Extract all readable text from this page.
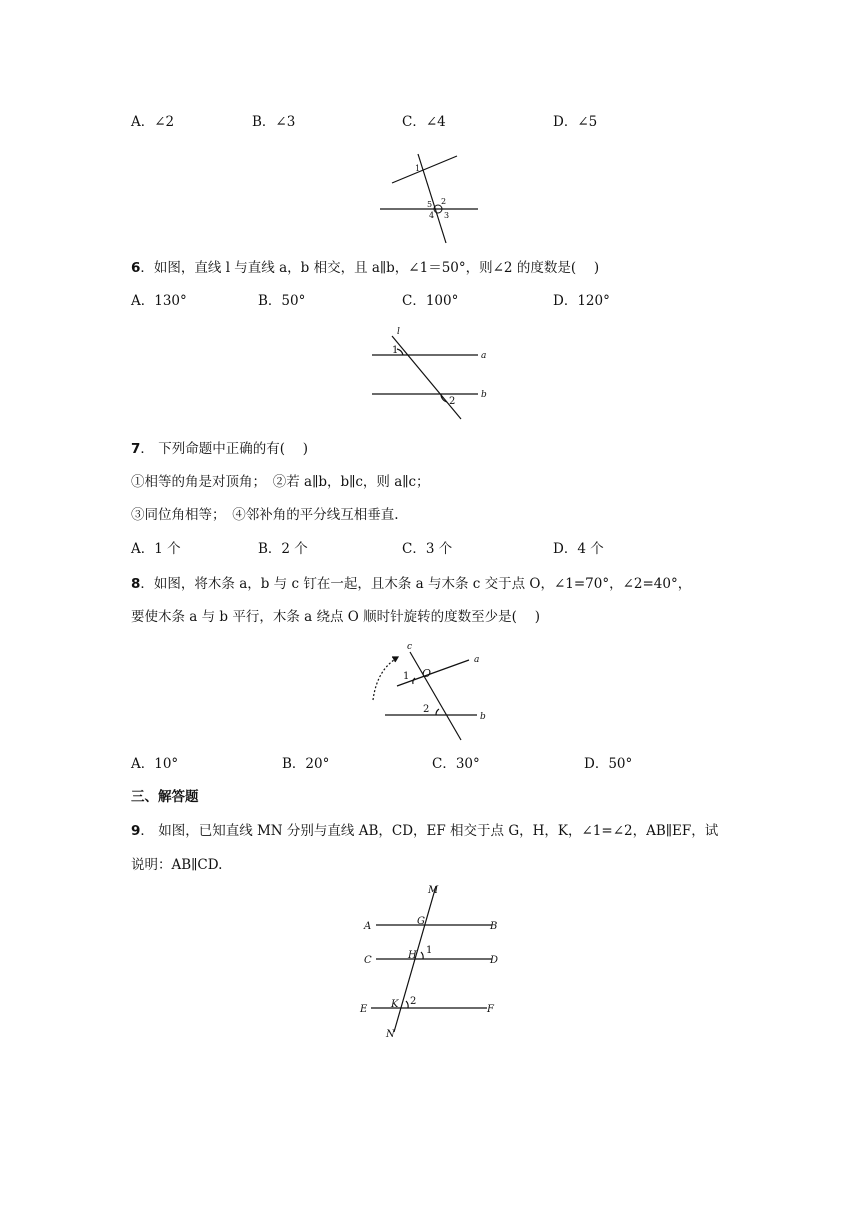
A．∠2	B．∠3	C．∠4	D．∠5
1
5 2
4 3
6．如图，直线 l 与直线 a，b 相交，且 a∥b，∠1＝50°，则∠2 的度数是(　 )
A．130°	B．50°	C．100°	D．120°
l
1	a
b
2
7． 下列命题中正确的有(　 )
①相等的角是对顶角；　②若 a∥b，b∥c，则 a∥c；
③同位角相等；　④邻补角的平分线互相垂直.
A．1 个	B．2 个	C．3 个	D．4 个
8．如图，将木条 a，b 与 c 钉在一起，且木条 a 与木条 c 交于点 O，∠1=70°，∠2=40°，
要使木条 a 与 b 平行，木条 a 绕点 O 顺时针旋转的度数至少是(　 )
c
O
a
1
2
b
A．10°	B．20°	C．30°	D．50°
三、解答题
9． 如图，已知直线 MN 分别与直线 AB，CD，EF 相交于点 G，H，K，∠1=∠2，AB∥EF，试
说明：AB∥CD.
M
A	G	B
C	H 1
D
E K 2
F
N
